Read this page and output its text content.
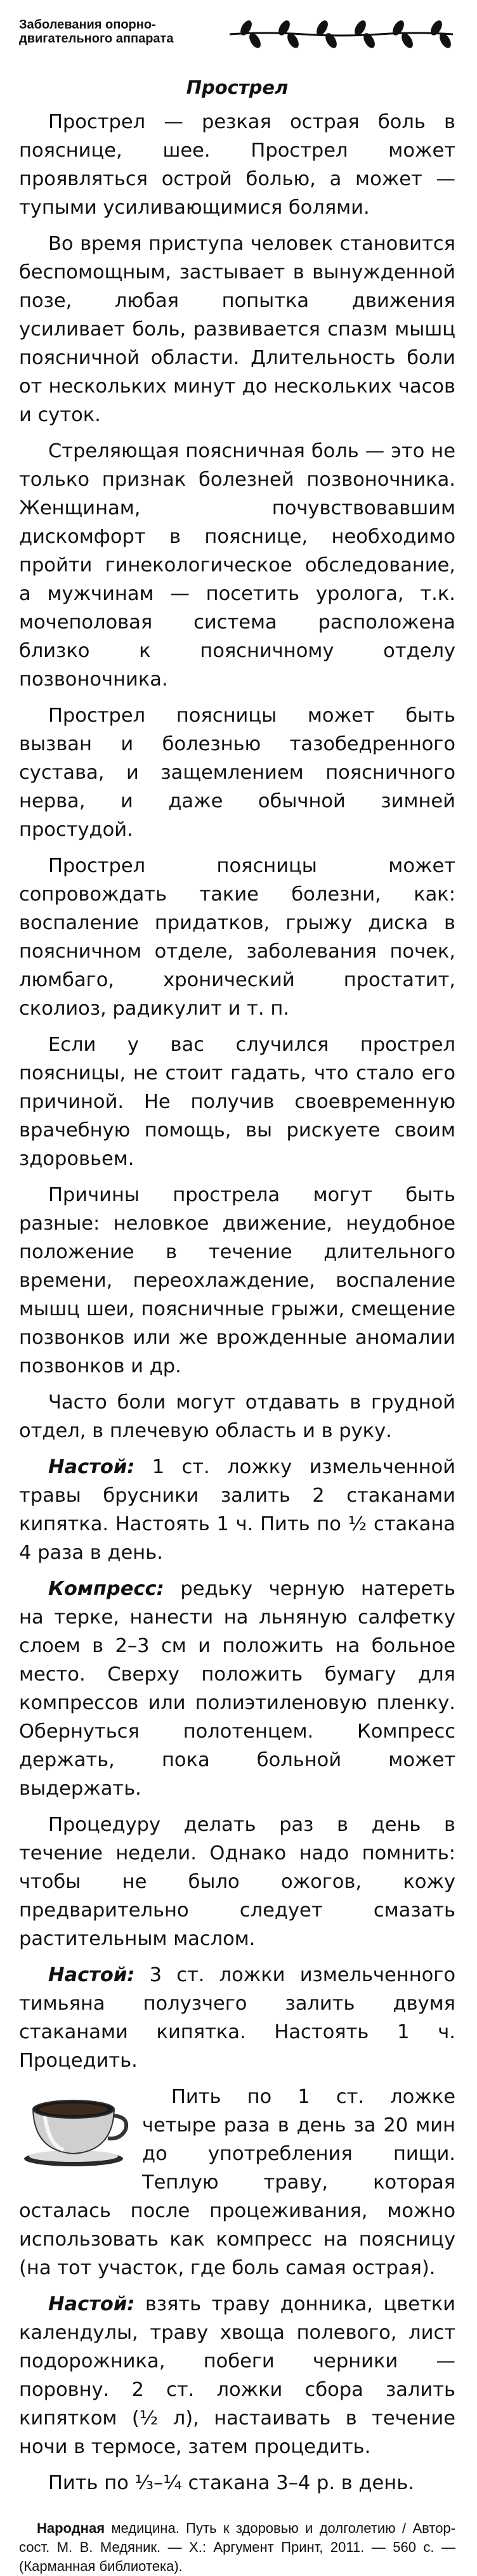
Заболевания опорно-
двигательного аппарата
Прострел

Прострел — резкая острая боль в пояснице, шее. Прострел может проявляться острой болью, а может — тупыми усиливающимися болями.

Во время приступа человек становится беспомощным, застывает в вынужденной позе, любая попытка движения усиливает боль, развивается спазм мышц поясничной области. Длительность боли от нескольких минут до нескольких часов и суток.

Стреляющая поясничная боль — это не только признак болезней позвоночника. Женщинам, почувствовавшим дискомфорт в пояснице, необходимо пройти гинекологическое обследование, а мужчинам — посетить уролога, т.к. мочеполовая система расположена близко к поясничному отделу позвоночника.

Прострел поясницы может быть вызван и болезнью тазобедренного сустава, и защемлением поясничного нерва, и даже обычной зимней простудой.

Прострел поясницы может сопровождать такие болезни, как: воспаление придатков, грыжу диска в поясничном отделе, заболевания почек, люмбаго, хронический простатит, сколиоз, радикулит и т. п.

Если у вас случился прострел поясницы, не стоит гадать, что стало его причиной. Не получив своевременную врачебную помощь, вы рискуете своим здоровьем.

Причины прострела могут быть разные: неловкое движение, неудобное положение в течение длительного времени, переохлаждение, воспаление мышц шеи, поясничные грыжи, смещение позвонков или же врожденные аномалии позвонков и др.

Часто боли могут отдавать в грудной отдел, в плечевую область и в руку.

Настой: 1 ст. ложку измельченной травы брусники залить 2 стаканами кипятка. Настоять 1 ч. Пить по ½ стакана 4 раза в день.

Компресс: редьку черную натереть на терке, нанести на льняную салфетку слоем в 2–3 см и положить на больное место. Сверху положить бумагу для компрессов или полиэтиленовую пленку. Обернуться полотенцем. Компресс держать, пока больной может выдержать.

Процедуру делать раз в день в течение недели. Однако надо помнить: чтобы не было ожогов, кожу предварительно следует смазать растительным маслом.

Настой: 3 ст. ложки измельченного тимьяна полузчего залить двумя стаканами кипятка. Настоять 1 ч. Процедить.

Пить по 1 ст. ложке четыре раза в день за 20 мин до употребления пищи. Теплую траву, которая осталась после процеживания, можно использовать как компресс на поясницу (на тот участок, где боль самая острая).

Настой: взять траву донника, цветки календулы, траву хвоща полевого, лист подорожника, побеги черники — поровну. 2 ст. ложки сбора залить кипятком (½ л), настаивать в течение ночи в термосе, затем процедить.

Пить по ⅓–¼ стакана 3–4 р. в день.

Народная медицина. Путь к здоровью и долголетию / Автор-сост. М. В. Медяник. — Х.: Аргумент Принт, 2011. — 560 с. — (Карманная библиотека).
